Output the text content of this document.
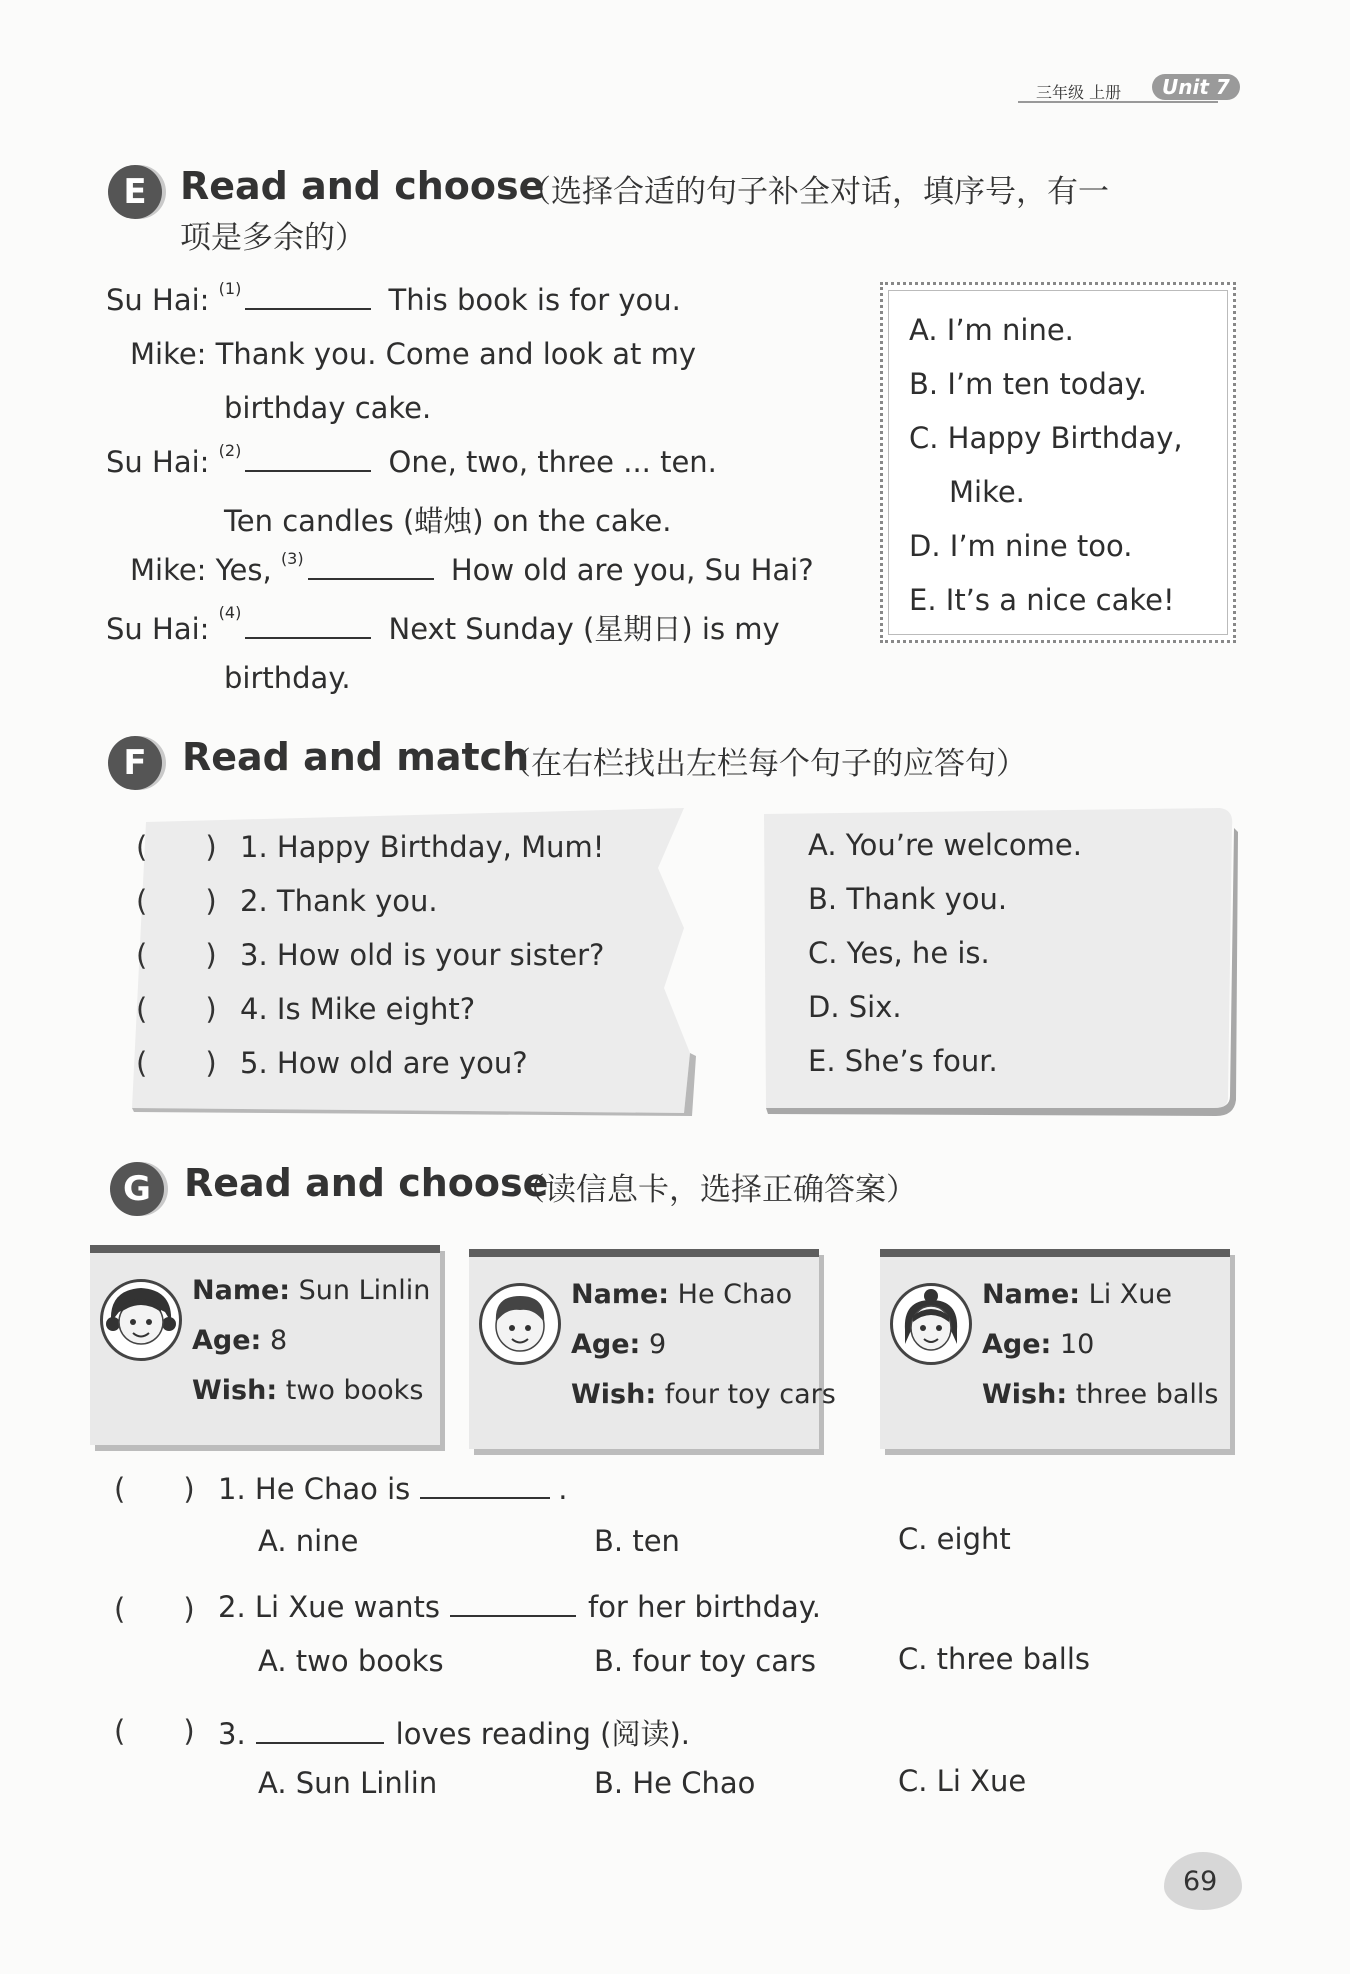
三年级 上册	Unit 7
E Read and choose
（选择合适的句子补全对话，填序号，有一
项是多余的）
Su Hai: $^{(1)}$	This book is for you.
Mike: Thank you. Come and look at my
birthday cake.
Su Hai: $^{(2)}$	One, two, three ... ten.
Ten candles (蜡烛) on the cake.
Mike: Yes, $^{(3)}$	How old are you, Su Hai?
Su Hai: $^{(4)}$	Next Sunday (星期日) is my
birthday.
A. I’m nine.
B. I’m ten today.
C. Happy Birthday,
Mike.
D. I’m nine too.
E. It’s a nice cake!
F Read and match
（在右栏找出左栏每个句子的应答句）
( ) 1. Happy Birthday, Mum!
( ) 2. Thank you.
( ) 3. How old is your sister?
( ) 4. Is Mike eight?
( ) 5. How old are you?
A. You’re welcome.
B. Thank you.
C. Yes, he is.
D. Six.
E. She’s four.
G Read and choose
（读信息卡，选择正确答案）
Name: Sun Linlin
Age: 8
Wish: two books
Name: He Chao
Age: 9
Wish: four toy cars
Name: Li Xue
Age: 10
Wish: three balls
( ) 1. He Chao is	.
A. nine	B. ten	C. eight
( ) 2. Li Xue wants	for her birthday.
A. two books	B. four toy cars	C. three balls
( ) 3.	loves reading (阅读).
A. Sun Linlin	B. He Chao	C. Li Xue
69
